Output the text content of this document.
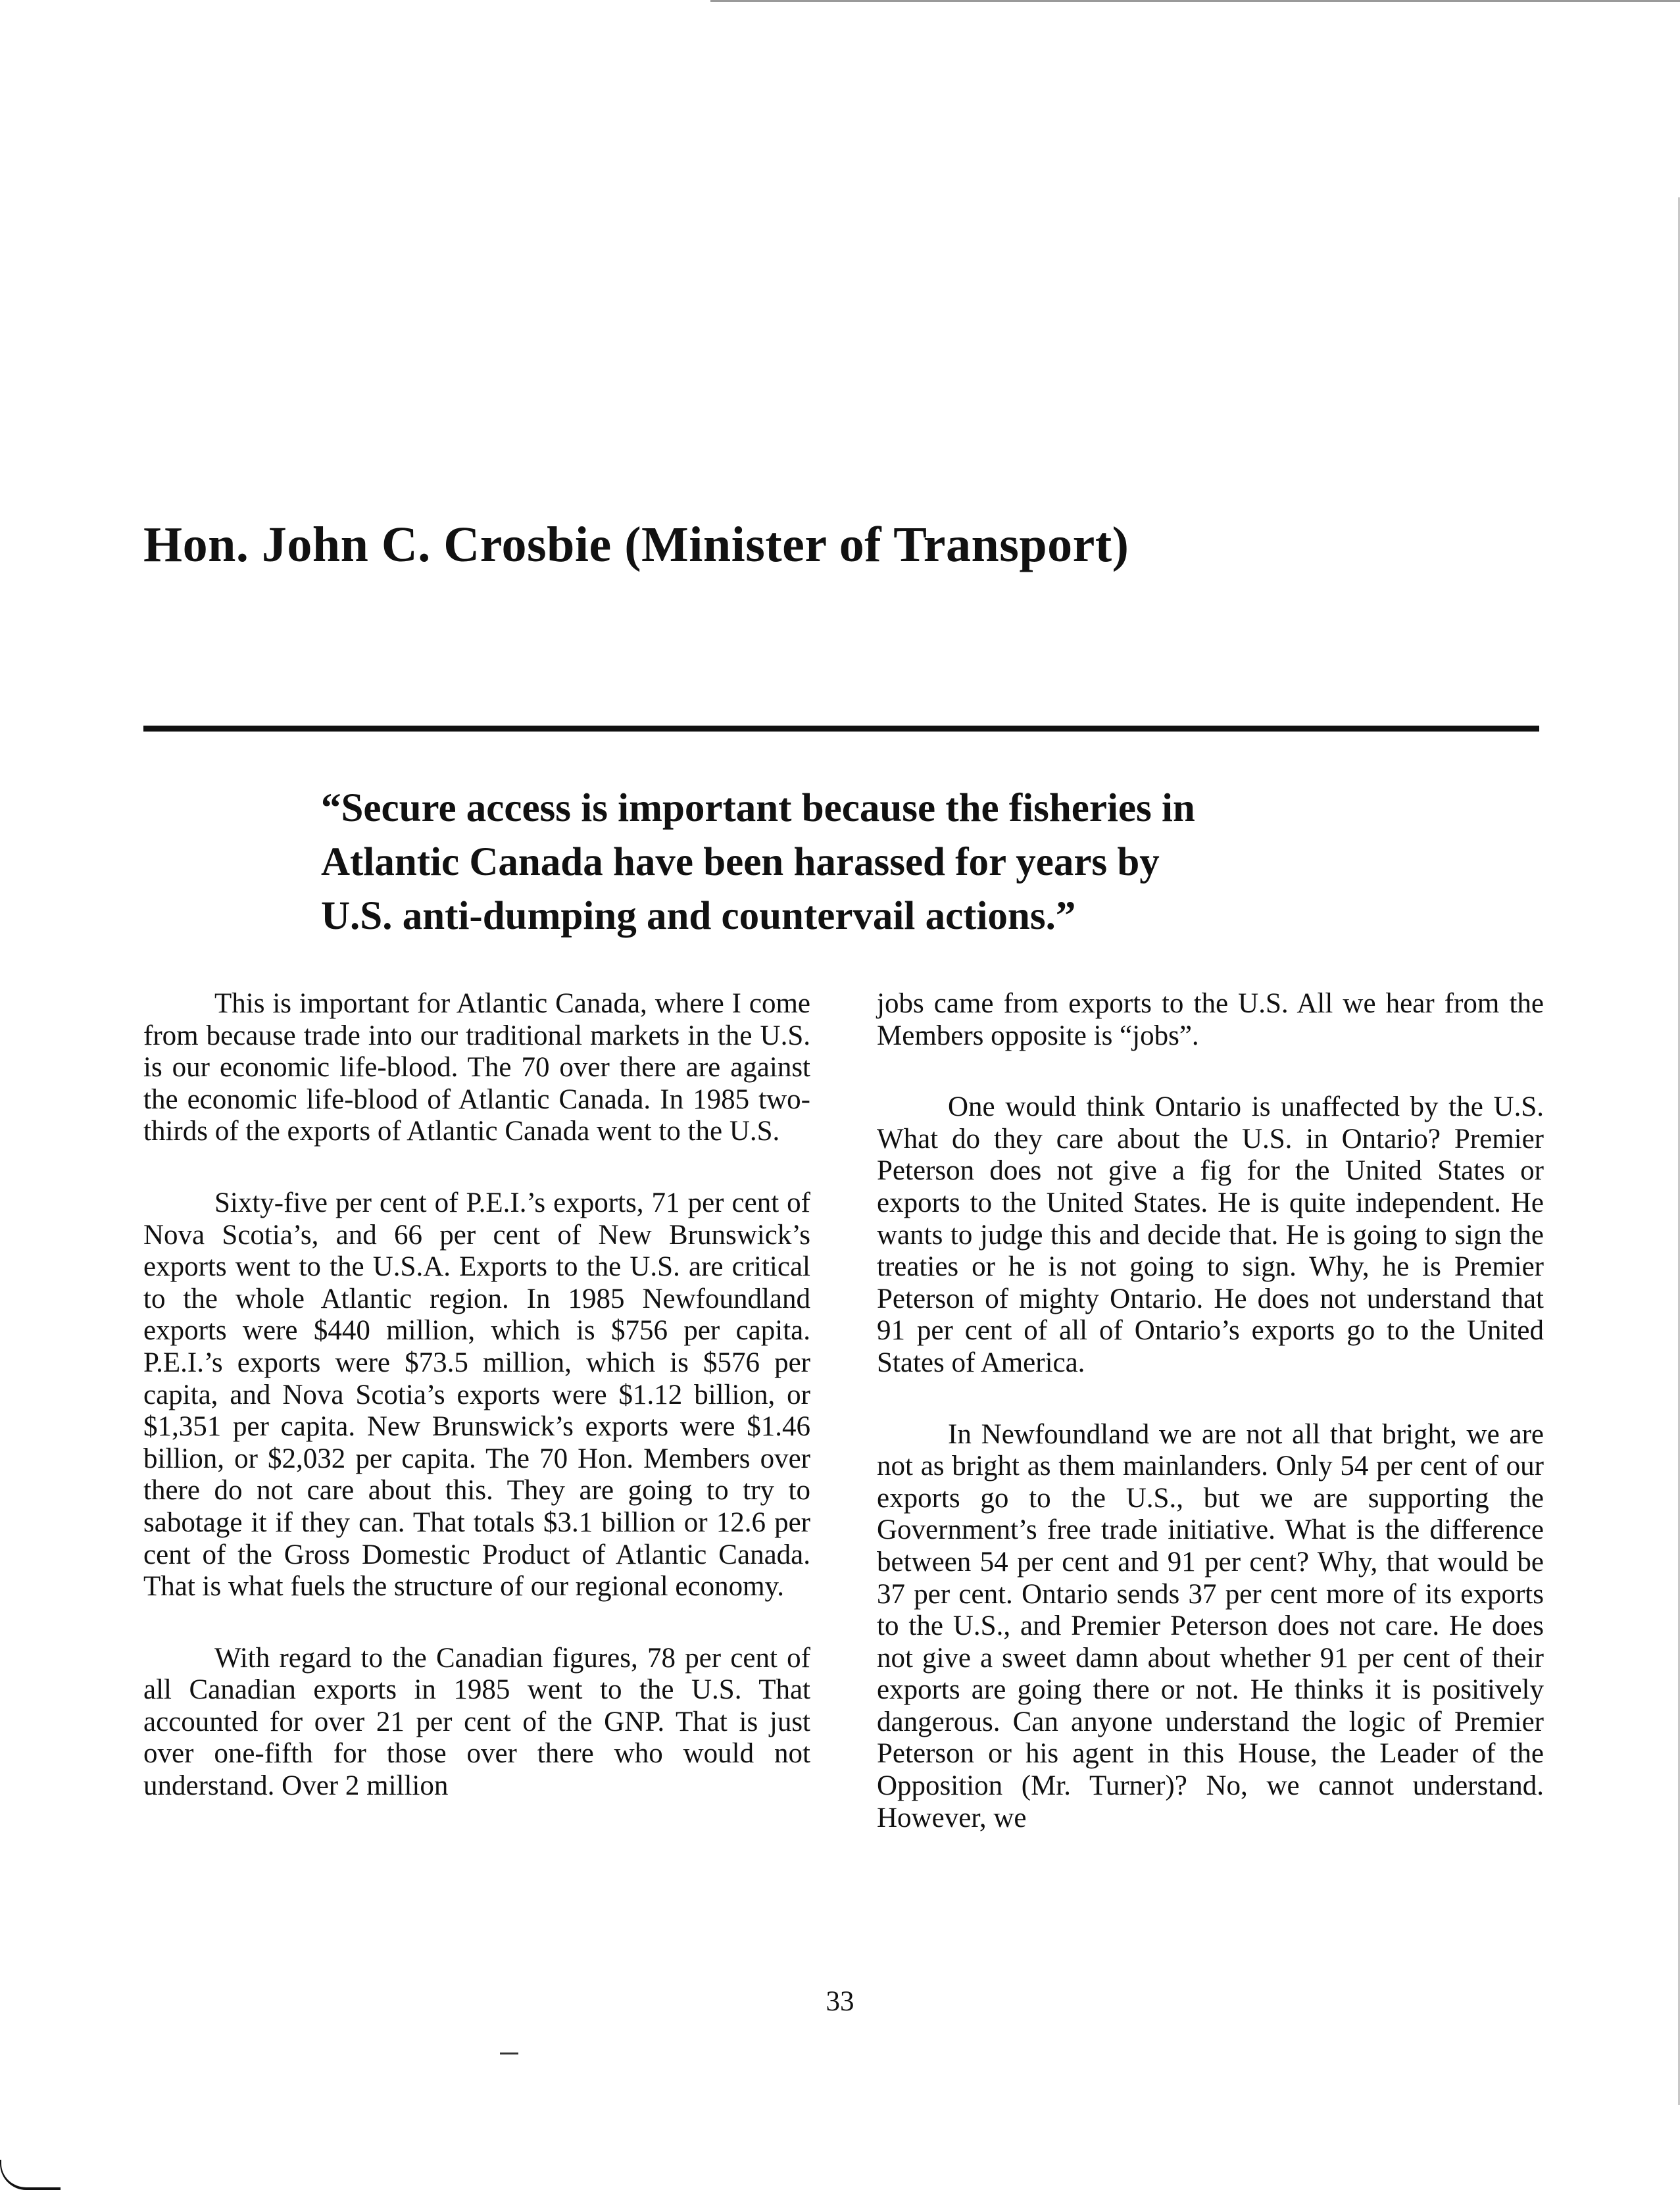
Hon. John C. Crosbie (Minister of Transport)

“Secure access is important because the fisheries in
Atlantic Canada have been harassed for years by
U.S. anti-dumping and countervail actions.”

This is important for Atlantic Canada, where I come from because trade into our traditional markets in the U.S. is our economic life-blood. The 70 over there are against the economic life-blood of Atlantic Canada. In 1985 two-thirds of the exports of Atlantic Canada went to the U.S.

Sixty-five per cent of P.E.I.’s exports, 71 per cent of Nova Scotia’s, and 66 per cent of New Brunswick’s exports went to the U.S.A. Exports to the U.S. are critical to the whole Atlantic region. In 1985 Newfoundland exports were $440 million, which is $756 per capita. P.E.I.’s exports were $73.5 million, which is $576 per capita, and Nova Scotia’s exports were $1.12 billion, or $1,351 per capita. New Brunswick’s exports were $1.46 billion, or $2,032 per capita. The 70 Hon. Members over there do not care about this. They are going to try to sabotage it if they can. That totals $3.1 billion or 12.6 per cent of the Gross Domestic Product of Atlantic Canada. That is what fuels the structure of our regional economy.

With regard to the Canadian figures, 78 per cent of all Canadian exports in 1985 went to the U.S. That accounted for over 21 per cent of the GNP. That is just over one-fifth for those over there who would not understand. Over 2 million

jobs came from exports to the U.S. All we hear from the Members opposite is “jobs”.

One would think Ontario is unaffected by the U.S. What do they care about the U.S. in Ontario? Premier Peterson does not give a fig for the United States or exports to the United States. He is quite independent. He wants to judge this and decide that. He is going to sign the treaties or he is not going to sign. Why, he is Premier Peterson of mighty Ontario. He does not understand that 91 per cent of all of Ontario’s exports go to the United States of America.

In Newfoundland we are not all that bright, we are not as bright as them mainlanders. Only 54 per cent of our exports go to the U.S., but we are supporting the Government’s free trade initiative. What is the difference between 54 per cent and 91 per cent? Why, that would be 37 per cent. Ontario sends 37 per cent more of its exports to the U.S., and Premier Peterson does not care. He does not give a sweet damn about whether 91 per cent of their exports are going there or not. He thinks it is positively dangerous. Can anyone understand the logic of Premier Peterson or his agent in this House, the Leader of the Opposition (Mr. Turner)? No, we cannot understand. However, we

33
